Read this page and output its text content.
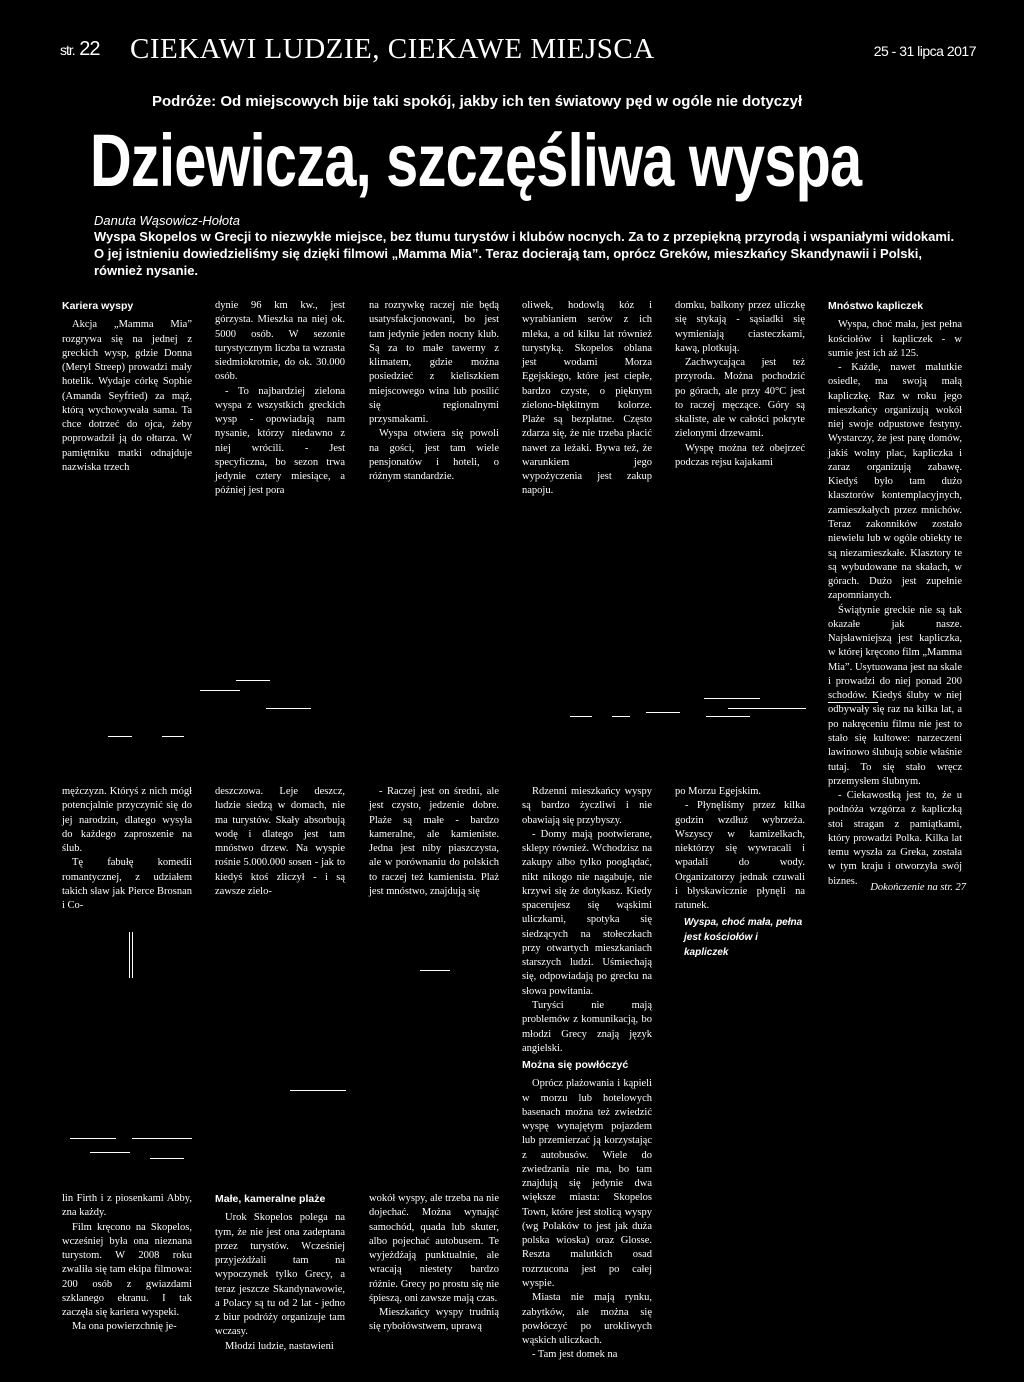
str. 22 CIEKAWI LUDZIE, CIEKAWE MIEJSCA	25 - 31 lipca 2017
Podróże: Od miejscowych bije taki spokój, jakby ich ten światowy pęd w ogóle nie dotyczył
Dziewicza, szczęśliwa wyspa
Danuta Wąsowicz-Hołota
Wyspa Skopelos w Grecji to niezwykłe miejsce, bez tłumu turystów i klubów nocnych. Za to z przepiękną przyrodą i wspaniałymi widokami. O jej istnieniu dowiedzieliśmy się dzięki filmowi „Mamma Mia”. Teraz docierają tam, oprócz Greków, mieszkańcy Skandynawii i Polski, również nysanie.
Kariera wyspy

Akcja „Mamma Mia” rozgrywa się na jednej z greckich wysp, gdzie Donna (Meryl Streep) prowadzi mały hotelik. Wydaje córkę Sophie (Amanda Seyfried) za mąż, którą wychowywała sama. Ta chce dotrzeć do ojca, żeby poprowadził ją do ołtarza. W pamiętniku matki odnajduje nazwiska trzech

dynie 96 km kw., jest górzysta. Mieszka na niej ok. 5000 osób. W sezonie turystycznym liczba ta wzrasta siedmiokrotnie, do ok. 30.000 osób.

- To najbardziej zielona wyspa z wszystkich greckich wysp - opowiadają nam nysanie, którzy niedawno z niej wrócili. - Jest specyficzna, bo sezon trwa jedynie cztery miesiące, a później jest pora

na rozrywkę raczej nie będą usatysfakcjonowani, bo jest tam jedynie jeden nocny klub. Są za to małe tawerny z klimatem, gdzie można posiedzieć z kieliszkiem miejscowego wina lub posilić się regionalnymi przysmakami.

Wyspa otwiera się powoli na gości, jest tam wiele pensjonatów i hoteli, o różnym standardzie.

oliwek, hodowlą kóz i wyrabianiem serów z ich mleka, a od kilku lat również turystyką. Skopelos oblana jest wodami Morza Egejskiego, które jest ciepłe, bardzo czyste, o pięknym zielono-błękitnym kolorze. Plaże są bezpłatne. Często zdarza się, że nie trzeba płacić nawet za leżaki. Bywa też, że warunkiem jego wypożyczenia jest zakup napoju.

domku, balkony przez uliczkę się stykają - sąsiadki się wymieniają ciasteczkami, kawą, plotkują.

Zachwycająca jest też przyroda. Można pochodzić po górach, ale przy 40°C jest to raczej męczące. Góry są skaliste, ale w całości pokryte zielonymi drzewami.

Wyspę można też obejrzeć podczas rejsu kajakami

Mnóstwo kapliczek

Wyspa, choć mała, jest pełna kościołów i kapliczek - w sumie jest ich aż 125.

- Każde, nawet malutkie osiedle, ma swoją małą kapliczkę. Raz w roku jego mieszkańcy organizują wokół niej swoje odpustowe festyny. Wystarczy, że jest parę domów, jakiś wolny plac, kapliczka i zaraz organizują zabawę. Kiedyś było tam dużo klasztorów kontemplacyjnych, zamieszkałych przez mnichów. Teraz zakonników zostało niewielu lub w ogóle obiekty te są niezamieszkałe. Klasztory te są wybudowane na skałach, w górach. Dużo jest zupełnie zapomnianych.

Świątynie greckie nie są tak okazałe jak nasze. Najsławniejszą jest kapliczka, w której kręcono film „Mamma Mia”. Usytuowana jest na skale i prowadzi do niej ponad 200 schodów. Kiedyś śluby w niej odbywały się raz na kilka lat, a po nakręceniu filmu nie jest to stało się kultowe: narzeczeni lawinowo ślubują sobie właśnie tutaj. To się stało wręcz przemysłem ślubnym.

- Ciekawostką jest to, że u podnóża wzgórza z kapliczką stoi stragan z pamiątkami, który prowadzi Polka. Kilka lat temu wyszła za Greka, została w tym kraju i otworzyła swój biznes.

mężczyzn. Któryś z nich mógł potencjalnie przyczynić się do jej narodzin, dlatego wysyła do każdego zaproszenie na ślub.

Tę fabułę komedii romantycznej, z udziałem takich sław jak Pierce Brosnan i Co-

deszczowa. Leje deszcz, ludzie siedzą w domach, nie ma turystów. Skały absorbują wodę i dlatego jest tam mnóstwo drzew. Na wyspie rośnie 5.000.000 sosen - jak to kiedyś ktoś zliczył - i są zawsze zielo-

- Raczej jest on średni, ale jest czysto, jedzenie dobre. Plaże są małe - bardzo kameralne, ale kamieniste. Jedna jest niby piaszczysta, ale w porównaniu do polskich to raczej też kamienista. Plaż jest mnóstwo, znajdują się

Rdzenni mieszkańcy wyspy są bardzo życzliwi i nie obawiają się przybyszy.

- Domy mają pootwierane, sklepy również. Wchodzisz na zakupy albo tylko pooglądać, nikt nikogo nie nagabuje, nie krzywi się że dotykasz. Kiedy spacerujesz się wąskimi uliczkami, spotyka się siedzących na stołeczkach przy otwartych mieszkaniach starszych ludzi. Uśmiechają się, odpowiadają po grecku na słowa powitania.

Turyści nie mają problemów z komunikacją, bo młodzi Grecy znają język angielski.

po Morzu Egejskim.

- Płynęliśmy przez kilka godzin wzdłuż wybrzeża. Wszyscy w kamizelkach, niektórzy się wywracali i wpadali do wody. Organizatorzy jednak czuwali i błyskawicznie płynęli na ratunek.

Dokończenie na str. 27
Wyspa, choć mała, pełna jest kościołów i kapliczek

lin Firth i z piosenkami Abby, zna każdy.

Film kręcono na Skopelos, wcześniej była ona nieznana turystom. W 2008 roku zwaliła się tam ekipa filmowa: 200 osób z gwiazdami szklanego ekranu. I tak zaczęła się kariera wyspeki.

Ma ona powierzchnię je-

Małe, kameralne plaże

Urok Skopelos polega na tym, że nie jest ona zadeptana przez turystów. Wcześniej przyjeżdżali tam na wypoczynek tylko Grecy, a teraz jeszcze Skandynawowie, a Polacy są tu od 2 lat - jedno z biur podróży organizuje tam wczasy.

Młodzi ludzie, nastawieni

wokół wyspy, ale trzeba na nie dojechać. Można wynająć samochód, quada lub skuter, albo pojechać autobusem. Te wyjeżdżają punktualnie, ale wracają niestety bardzo różnie. Grecy po prostu się nie śpieszą, oni zawsze mają czas.

Mieszkańcy wyspy trudnią się rybołówstwem, uprawą

Można się powłóczyć

Oprócz plażowania i kąpieli w morzu lub hotelowych basenach można też zwiedzić wyspę wynajętym pojazdem lub przemierzać ją korzystając z autobusów. Wiele do zwiedzania nie ma, bo tam znajdują się jedynie dwa większe miasta: Skopelos Town, które jest stolicą wyspy (wg Polaków to jest jak duża polska wioska) oraz Glosse. Reszta malutkich osad rozrzucona jest po całej wyspie.

Miasta nie mają rynku, zabytków, ale można się powłóczyć po urokliwych wąskich uliczkach.

- Tam jest domek na
